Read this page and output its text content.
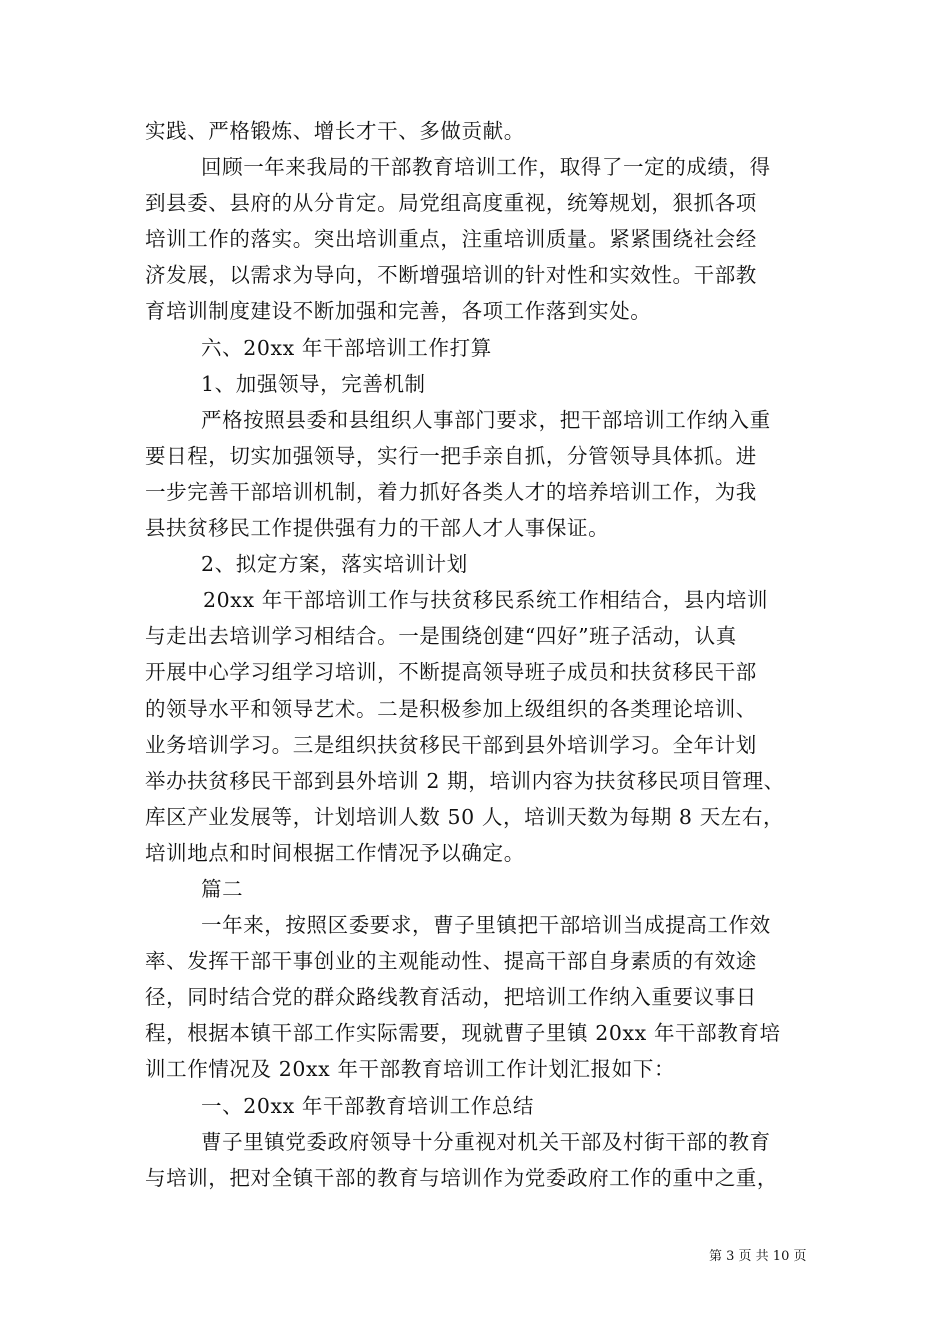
实践、严格锻炼、增长才干、多做贡献。
回顾一年来我局的干部教育培训工作，取得了一定的成绩，得
到县委、县府的从分肯定。局党组高度重视，统筹规划，狠抓各项
培训工作的落实。突出培训重点，注重培训质量。紧紧围绕社会经
济发展，以需求为导向，不断增强培训的针对性和实效性。干部教
育培训制度建设不断加强和完善，各项工作落到实处。
六、20xx 年干部培训工作打算
1、加强领导，完善机制
严格按照县委和县组织人事部门要求，把干部培训工作纳入重
要日程，切实加强领导，实行一把手亲自抓，分管领导具体抓。进
一步完善干部培训机制，着力抓好各类人才的培养培训工作，为我
县扶贫移民工作提供强有力的干部人才人事保证。
2、拟定方案，落实培训计划
20xx 年干部培训工作与扶贫移民系统工作相结合，县内培训
与走出去培训学习相结合。一是围绕创建“四好”班子活动，认真
开展中心学习组学习培训，不断提高领导班子成员和扶贫移民干部
的领导水平和领导艺术。二是积极参加上级组织的各类理论培训、
业务培训学习。三是组织扶贫移民干部到县外培训学习。全年计划
举办扶贫移民干部到县外培训 2 期，培训内容为扶贫移民项目管理、
库区产业发展等，计划培训人数 50 人，培训天数为每期 8 天左右，
培训地点和时间根据工作情况予以确定。
篇二
一年来，按照区委要求，曹子里镇把干部培训当成提高工作效
率、发挥干部干事创业的主观能动性、提高干部自身素质的有效途
径，同时结合党的群众路线教育活动，把培训工作纳入重要议事日
程，根据本镇干部工作实际需要，现就曹子里镇 20xx 年干部教育培
训工作情况及 20xx 年干部教育培训工作计划汇报如下：
一、20xx 年干部教育培训工作总结
曹子里镇党委政府领导十分重视对机关干部及村街干部的教育
与培训，把对全镇干部的教育与培训作为党委政府工作的重中之重，
第 3 页 共 10 页
